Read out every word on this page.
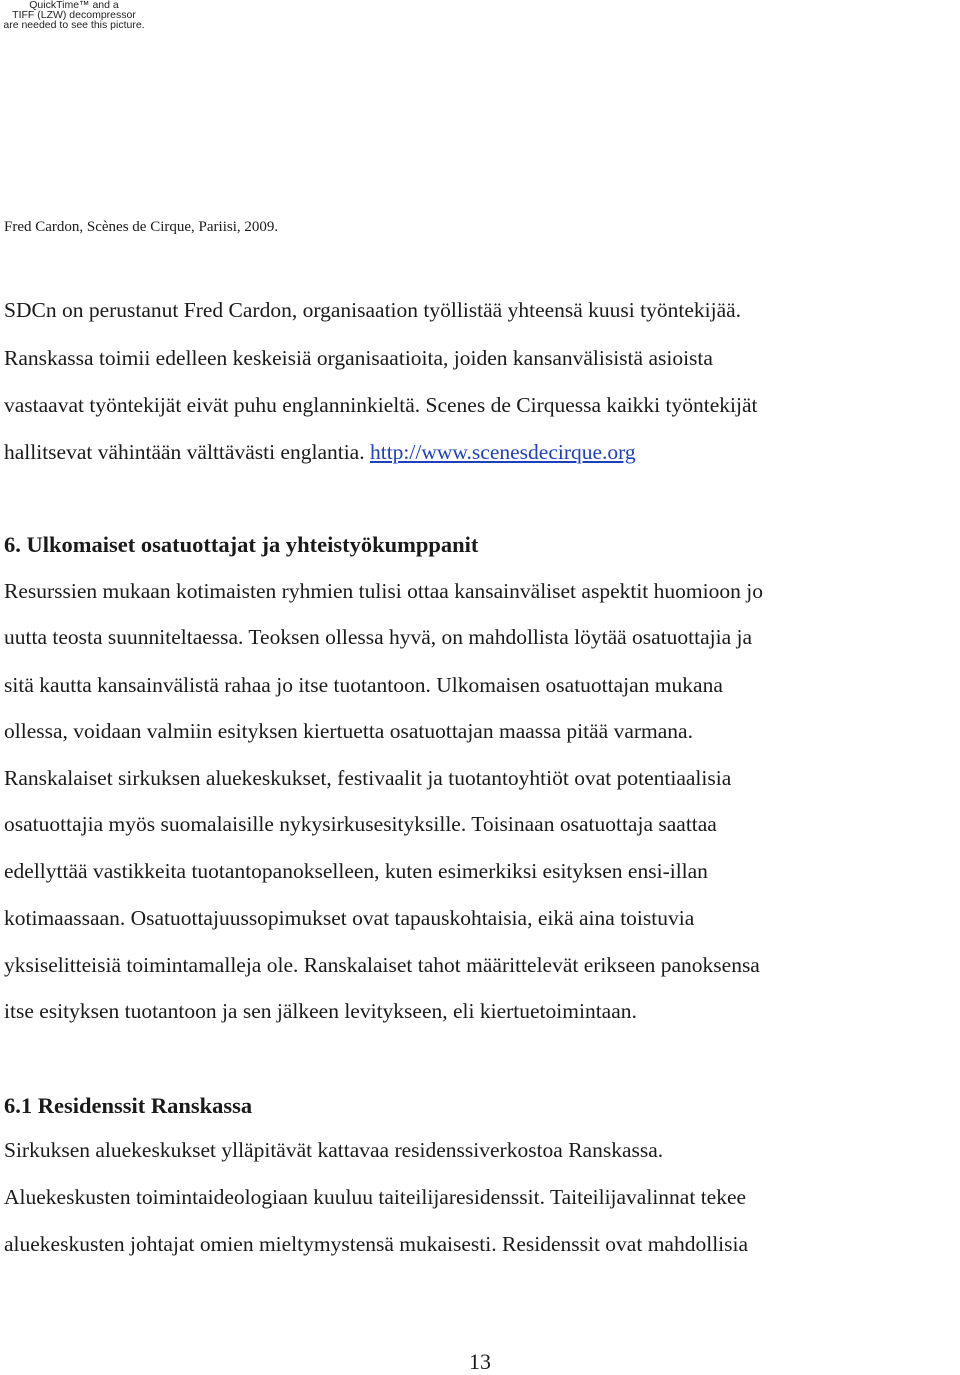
QuickTime™ and a
TIFF (LZW) decompressor
are needed to see this picture.
Fred Cardon, Scènes de Cirque, Pariisi, 2009.
SDCn on perustanut Fred Cardon, organisaation työllistää yhteensä kuusi työntekijää.
Ranskassa toimii edelleen keskeisiä organisaatioita, joiden kansanvälisistä asioista
vastaavat työntekijät eivät puhu englanninkieltä. Scenes de Cirquessa kaikki työntekijät
hallitsevat vähintään välttävästi englantia. http://www.scenesdecirque.org
6. Ulkomaiset osatuottajat ja yhteistyökumppanit
Resurssien mukaan kotimaisten ryhmien tulisi ottaa kansainväliset aspektit huomioon jo
uutta teosta suunniteltaessa. Teoksen ollessa hyvä, on mahdollista löytää osatuottajia ja
sitä kautta kansainvälistä rahaa jo itse tuotantoon. Ulkomaisen osatuottajan mukana
ollessa, voidaan valmiin esityksen kiertuetta osatuottajan maassa pitää varmana.
Ranskalaiset sirkuksen aluekeskukset, festivaalit ja tuotantoyhtiöt ovat potentiaalisia
osatuottajia myös suomalaisille nykysirkusesityksille. Toisinaan osatuottaja saattaa
edellyttää vastikkeita tuotantopanokselleen, kuten esimerkiksi esityksen ensi-illan
kotimaassaan. Osatuottajuussopimukset ovat tapauskohtaisia, eikä aina toistuvia
yksiselitteisiä toimintamalleja ole. Ranskalaiset tahot määrittelevät erikseen panoksensa
itse esityksen tuotantoon ja sen jälkeen levitykseen, eli kiertuetoimintaan.
6.1 Residenssit Ranskassa
Sirkuksen aluekeskukset ylläpitävät kattavaa residenssiverkostoa Ranskassa.
Aluekeskusten toimintaideologiaan kuuluu taiteilijaresidenssit. Taiteilijavalinnat tekee
aluekeskusten johtajat omien mieltymystensä mukaisesti. Residenssit ovat mahdollisia
13
